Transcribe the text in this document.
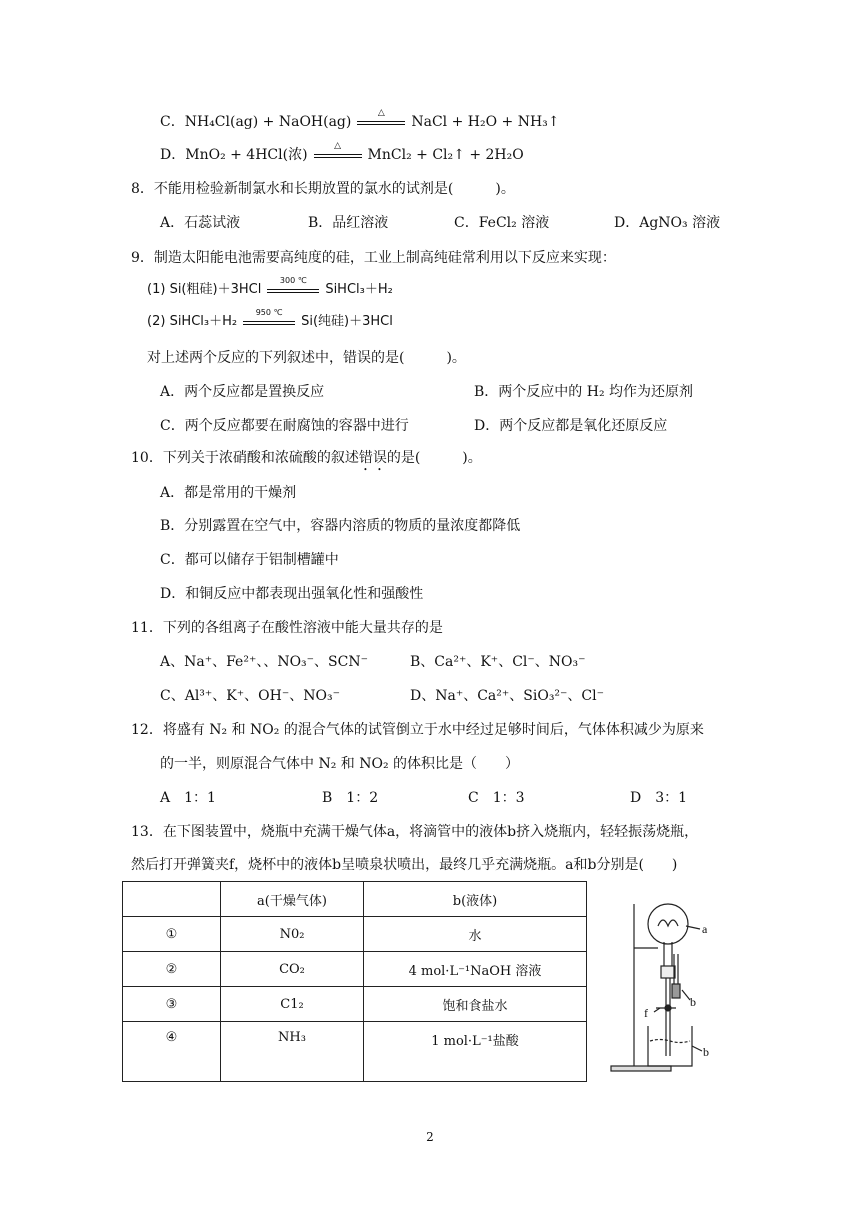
C．NH₄Cl(ag) + NaOH(ag)
△
NaCl + H₂O + NH₃↑
D．MnO₂ + 4HCl(浓)
△
MnCl₂ + Cl₂↑ + 2H₂O
8．不能用检验新制氯水和长期放置的氯水的试剂是(　　　)。
A．石蕊试液	B．品红溶液	C．FeCl₂ 溶液	D．AgNO₃ 溶液
9．制造太阳能电池需要高纯度的硅，工业上制高纯硅常利用以下反应来实现：
(1) Si(粗硅)＋3HCl
300 ℃
SiHCl₃＋H₂
(2) SiHCl₃＋H₂
950 ℃
Si(纯硅)＋3HCl
对上述两个反应的下列叙述中，错误的是(　　　)。
A．两个反应都是置换反应	B．两个反应中的 H₂ 均作为还原剂
C．两个反应都要在耐腐蚀的容器中进行	D．两个反应都是氧化还原反应
10．下列关于浓硝酸和浓硫酸的叙述错误的是(　　　)。
A．都是常用的干燥剂
B．分别露置在空气中，容器内溶质的物质的量浓度都降低
C．都可以储存于铝制槽罐中
D．和铜反应中都表现出强氧化性和强酸性
11．下列的各组离子在酸性溶液中能大量共存的是
A、Na⁺、Fe²⁺、、NO₃⁻、SCN⁻	B、Ca²⁺、K⁺、Cl⁻、NO₃⁻
C、Al³⁺、K⁺、OH⁻、NO₃⁻	D、Na⁺、Ca²⁺、SiO₃²⁻、Cl⁻
12．将盛有 N₂ 和 NO₂ 的混合气体的试管倒立于水中经过足够时间后，气体体积减少为原来
的一半，则原混合气体中 N₂ 和 NO₂ 的体积比是（　　）
A　1：1	B　1：2	C　1：3	D　3：1
13．在下图装置中，烧瓶中充满干燥气体a，将滴管中的液体b挤入烧瓶内，轻轻振荡烧瓶，
然后打开弹簧夹f，烧杯中的液体b呈喷泉状喷出，最终几乎充满烧瓶。a和b分别是(　　)
	a(干燥气体)	b(液体)
①	N0₂	水
②	CO₂	4 mol·L⁻¹NaOH 溶液
③	C1₂	饱和食盐水
④	NH₃	1 mol·L⁻¹盐酸
a
b
f
b
2
